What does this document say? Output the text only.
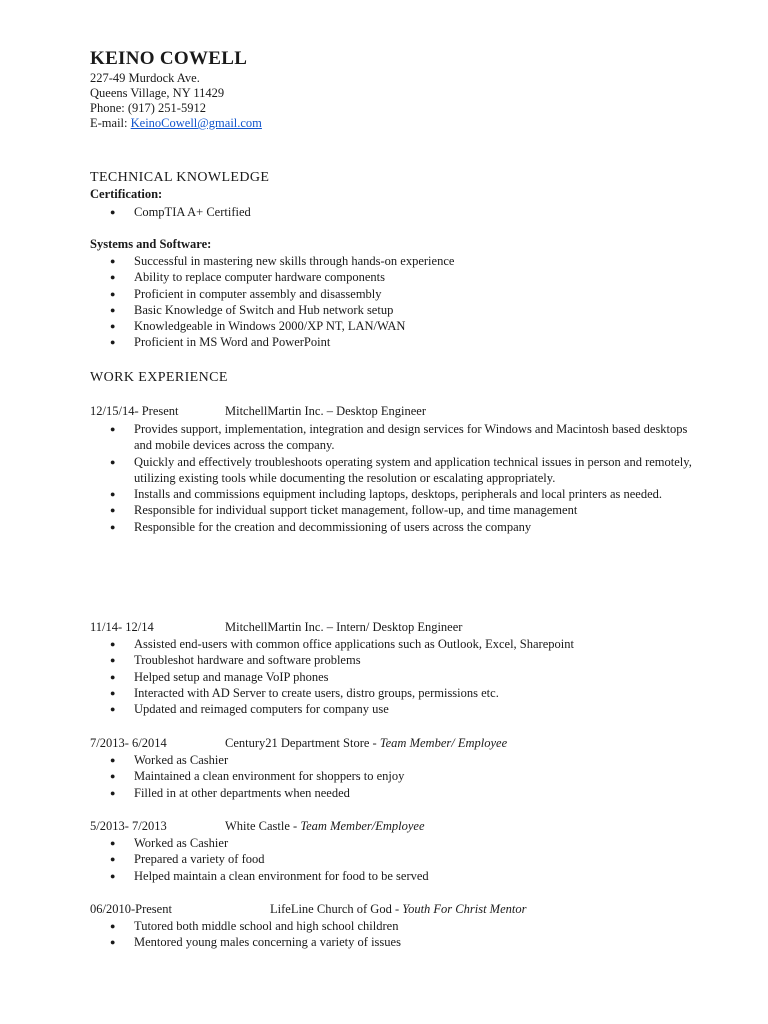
KEINO COWELL
227-49 Murdock Ave.
Queens Village, NY 11429
Phone: (917) 251-5912
E-mail: KeinoCowell@gmail.com
TECHNICAL KNOWLEDGE
Certification:
● CompTIA A+ Certified
Systems and Software:
● Successful in mastering new skills through hands-on experience
● Ability to replace computer hardware components
● Proficient in computer assembly and disassembly
● Basic Knowledge of Switch and Hub network setup
● Knowledgeable in Windows 2000/XP NT, LAN/WAN
● Proficient in MS Word and PowerPoint
WORK EXPERIENCE
12/15/14- Present	MitchellMartin Inc. – Desktop Engineer
● Provides support, implementation, integration and design services for Windows and Macintosh based desktops and mobile devices across the company.
● Quickly and effectively troubleshoots operating system and application technical issues in person and remotely, utilizing existing tools while documenting the resolution or escalating appropriately.
● Installs and commissions equipment including laptops, desktops, peripherals and local printers as needed.
● Responsible for individual support ticket management, follow-up, and time management
● Responsible for the creation and decommissioning of users across the company
11/14- 12/14	MitchellMartin Inc. – Intern/ Desktop Engineer
● Assisted end-users with common office applications such as Outlook, Excel, Sharepoint
● Troubleshot hardware and software problems
● Helped setup and manage VoIP phones
● Interacted with AD Server to create users, distro groups, permissions etc.
● Updated and reimaged computers for company use
7/2013- 6/2014	Century21 Department Store - Team Member/ Employee
● Worked as Cashier
● Maintained a clean environment for shoppers to enjoy
● Filled in at other departments when needed
5/2013- 7/2013	White Castle - Team Member/Employee
● Worked as Cashier
● Prepared a variety of food
● Helped maintain a clean environment for food to be served
06/2010-Present	LifeLine Church of God - Youth For Christ Mentor
● Tutored both middle school and high school children
● Mentored young males concerning a variety of issues
